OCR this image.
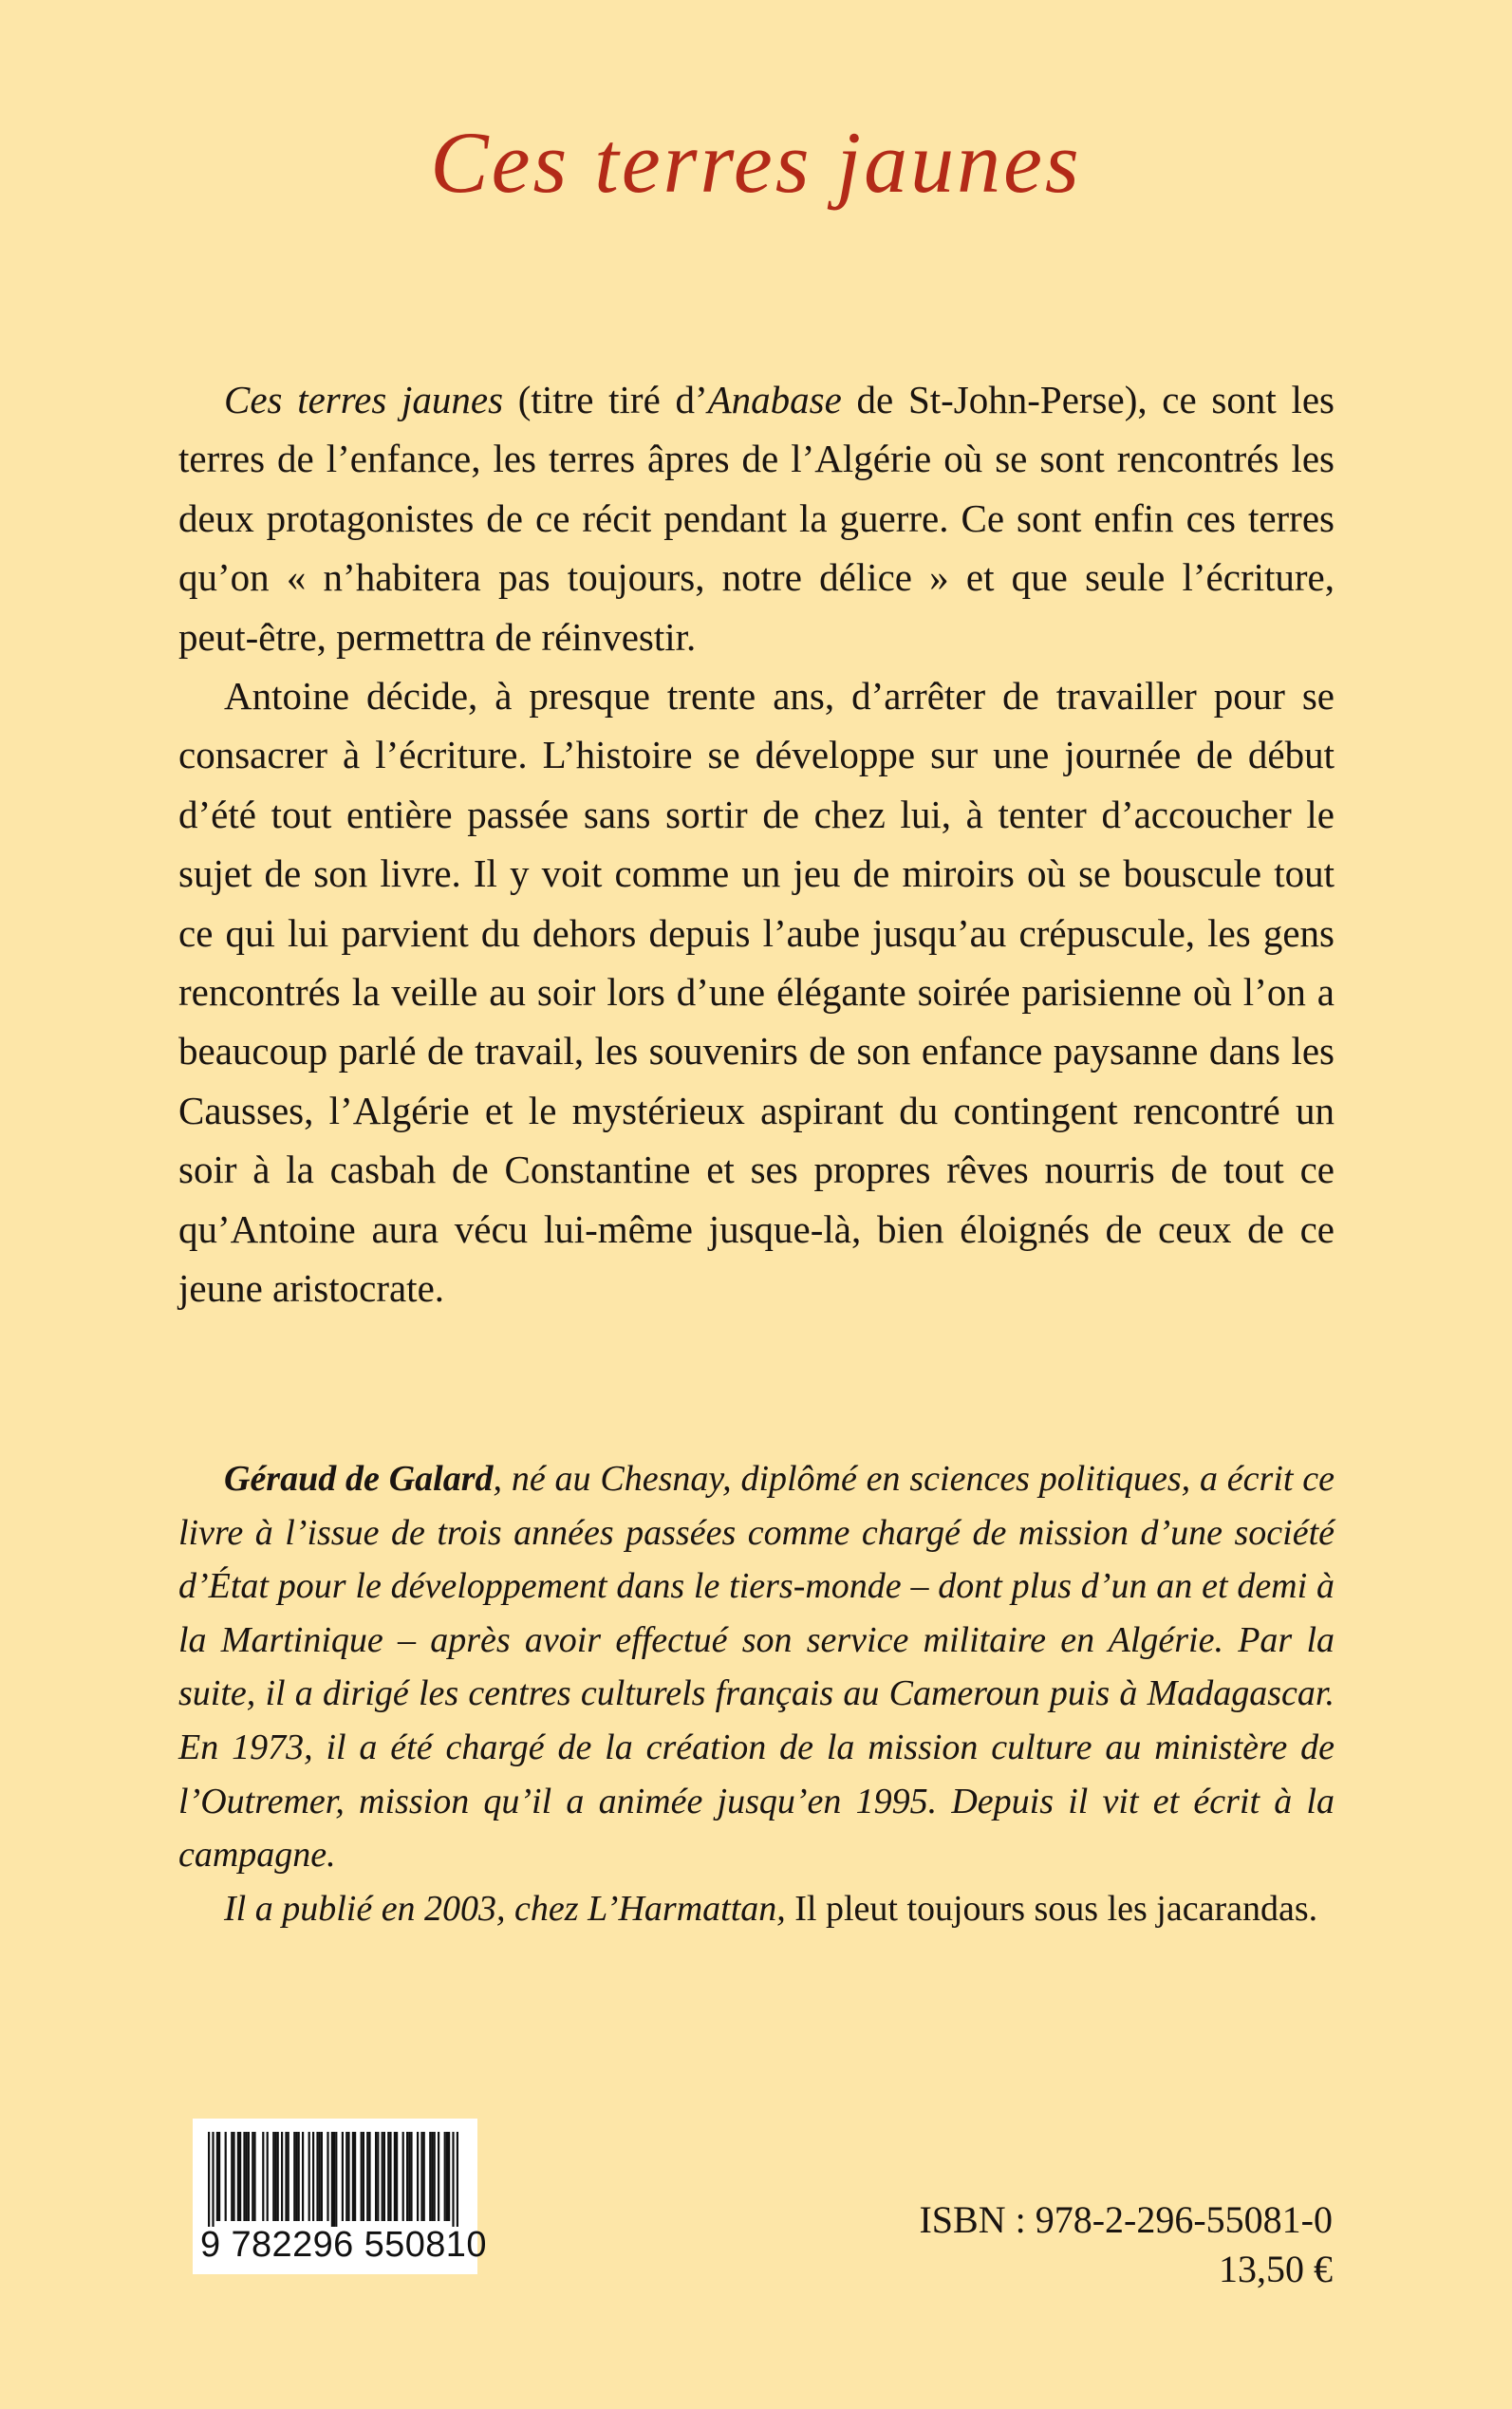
Ces terres jaunes

Ces terres jaunes (titre tiré d’Anabase de St-John-Perse), ce sont les terres de l’enfance, les terres âpres de l’Algérie où se sont rencontrés les deux protagonistes de ce récit pendant la guerre. Ce sont enfin ces terres qu’on « n’habitera pas toujours, notre délice » et que seule l’écriture, peut-être, permettra de réinvestir.

Antoine décide, à presque trente ans, d’arrêter de travailler pour se consacrer à l’écriture. L’histoire se développe sur une journée de début d’été tout entière passée sans sortir de chez lui, à tenter d’accoucher le sujet de son livre. Il y voit comme un jeu de miroirs où se bouscule tout ce qui lui parvient du dehors depuis l’aube jusqu’au crépuscule, les gens rencontrés la veille au soir lors d’une élégante soirée parisienne où l’on a beaucoup parlé de travail, les souvenirs de son enfance paysanne dans les Causses, l’Algérie et le mystérieux aspirant du contingent rencontré un soir à la casbah de Constantine et ses propres rêves nourris de tout ce qu’Antoine aura vécu lui-même jusque-là, bien éloignés de ceux de ce jeune aristocrate.

Géraud de Galard, né au Chesnay, diplômé en sciences politiques, a écrit ce livre à l’issue de trois années passées comme chargé de mission d’une société d’État pour le développement dans le tiers-monde – dont plus d’un an et demi à la Martinique – après avoir effectué son service militaire en Algérie. Par la suite, il a dirigé les centres culturels français au Cameroun puis à Madagascar. En 1973, il a été chargé de la création de la mission culture au ministère de l’Outremer, mission qu’il a animée jusqu’en 1995. Depuis il vit et écrit à la campagne.

Il a publié en 2003, chez L’Harmattan, Il pleut toujours sous les jacarandas.

9 782296 550810
ISBN : 978-2-296-55081-0
13,50 €
